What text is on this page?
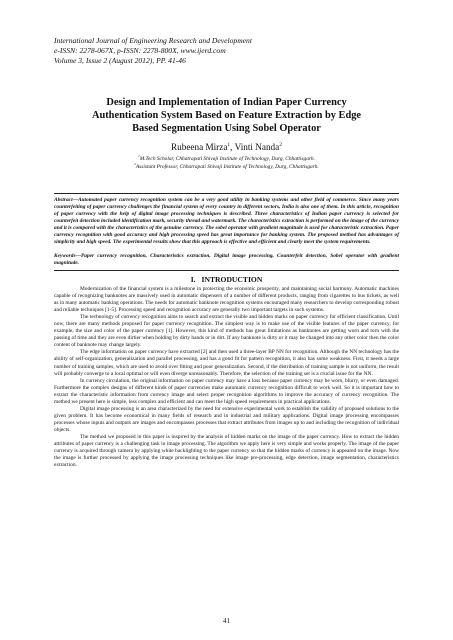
International Journal of Engineering Research and Development
e-ISSN: 2278-067X, p-ISSN: 2278-800X, www.ijerd.com
Volume 3, Issue 2 (August 2012), PP. 41-46
Design and Implementation of Indian Paper Currency
Authentication System Based on Feature Extraction by Edge
Based Segmentation Using Sobel Operator
Rubeena Mirza$^1$, Vinti Nanda$^2$
$^1$M.Tech Scholar, Chhatrapati Shivaji Institute of Technology, Durg, Chhattisgarh.
$^2$Assistant Professor, Chhatrapati Shivaji Institute of Technology, Durg, Chhattisgarh.
Abstract—Automated paper currency recognition system can be a very good utility in banking systems and other field of commerce. Since many years counterfeiting of paper currency challenges the financial system of every country in different sectors, India is also one of them. In this article, recognition of paper currency with the help of digital image processing techniques is described. Three characteristics of Indian paper currency is selected for counterfeit detection included identification mark, security thread and watermark. The characteristics extraction is performed on the image of the currency and it is compared with the characteristics of the genuine currency. The sobel operator with gradient magnitude is used for characteristic extraction. Paper currency recognition with good accuracy and high processing speed has great importance for banking system. The proposed method has advantages of simplicity and high speed. The experimental results show that this approach is effective and efficient and clearly meet the system requirements.
Keywords—Paper currency recognition, Characteristics extraction, Digital image processing, Counterfeit detection, Sobel operator with gradient magnitude.
I. INTRODUCTION

Modernization of the financial system is a milestone in protecting the economic prosperity, and maintaining social harmony. Automatic machines capable of recognizing banknotes are massively used in automatic dispensers of a number of different products, ranging from cigarettes to bus tickets, as well as in many automatic banking operations. The needs for automatic banknote recognition systems encouraged many researchers to develop corresponding robust and reliable techniques [1-5]. Processing speed and recognition accuracy are generally two important targets in such systems.

The technology of currency recognition aims to search and extract the visible and hidden marks on paper currency for efficient classification. Until now, there are many methods proposed for paper currency recognition. The simplest way is to make use of the visible features of the paper currency, for example, the size and color of the paper currency [1]. However, this kind of methods has great limitations as banknotes are getting worn and torn with the passing of time and they are even dirtier when holding by dirty hands or in dirt. If any banknote is dirty or it may be changed into any other color then the color content of banknote may change largely.

The edge information on paper currency have extracted [2] and then used a three-layer BP NN for recognition. Although the NN technology has the ability of self-organization, generalization and parallel processing, and has a good fit for pattern recognition, it also has some weakness. First, it needs a large number of training samples, which are used to avoid over fitting and poor generalization. Second, if the distribution of training sample is not uniform, the result will probably converge to a local optimal or will even diverge unreasonably. Therefore, the selection of the training set is a crucial issue for the NN.

In currency circulation, the original information on paper currency may have a loss because paper currency may be worn, blurry, or even damaged. Furthermore the complex designs of different kinds of paper currencies make automatic currency recognition difficult to work well. So it is important how to extract the characteristic information from currency image and select proper recognition algorithms to improve the accuracy of currency recognition. The method we present here is simple, less complex and efficient and can meet the high speed requirements in practical applications.

Digital image processing is an area characterized by the need for extensive experimental work to establish the validity of proposed solutions to the given problem. It has become economical in many fields of research and in industrial and military applications. Digital image processing encompasses processes whose inputs and outputs are images and encompasses processes that extract attributes from images up to and including the recognition of individual objects.

The method we proposed in this paper is inspired by the analysis of hidden marks on the image of the paper currency. How to extract the hidden attributes of paper currency is a challenging task in image processing. The algorithm we apply here is very simple and works properly. The image of the paper currency is acquired through camera by applying white backlighting to the paper currency so that the hidden marks of currency is appeared on the image. Now the image is further processed by applying the image processing techniques like image pre-processing, edge detection, image segmentation, characteristics extraction.

41
